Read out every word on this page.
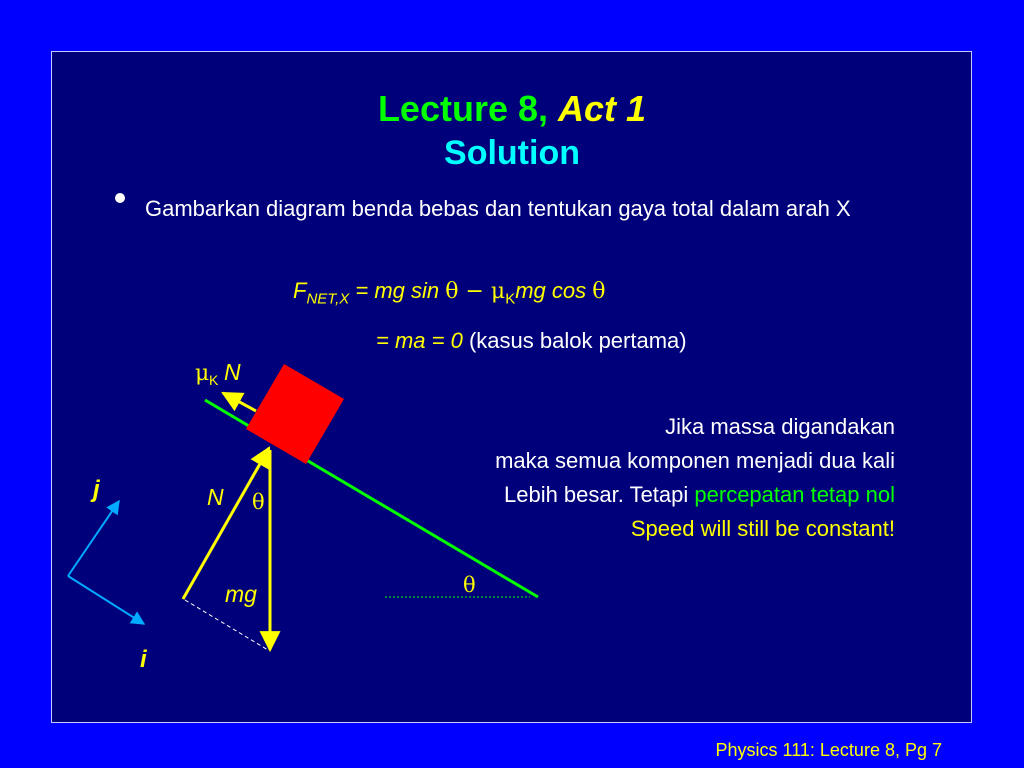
Lecture 8, Act 1
Solution
Gambarkan diagram benda bebas dan tentukan gaya total dalam arah X
$F_{NET,X}$ = mg $\sin \theta - \mu_Kmg$ cos θ
= ma = 0 (kasus balok pertama)
Jika massa digandakan
maka semua komponen menjadi dua kali
Lebih besar. Tetapi percepatan tetap nol
Speed will still be constant!
μ K N
N θ
mg	θ
j
i
Physics 111: Lecture 8, Pg 7
